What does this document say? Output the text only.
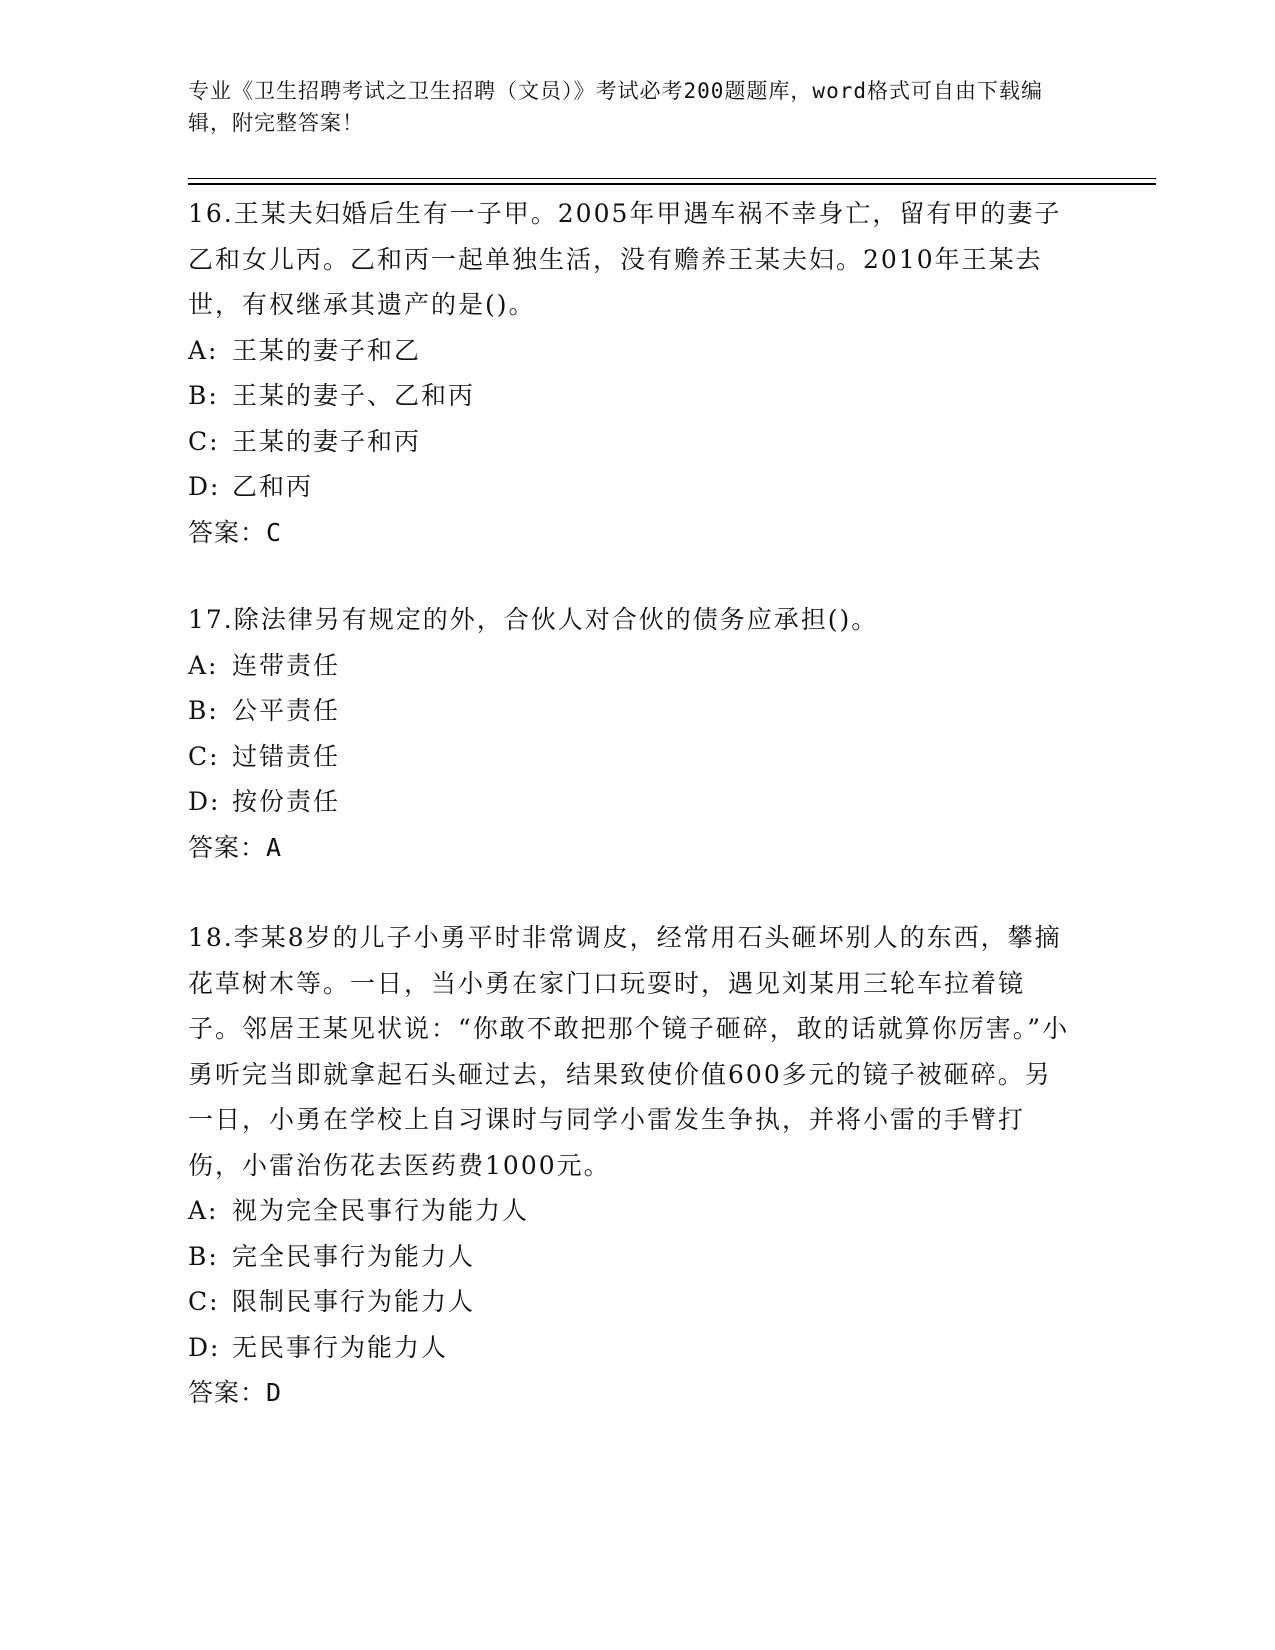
专业《卫生招聘考试之卫生招聘（文员）》考试必考200题题库，word格式可自由下载编辑，附完整答案！
16.王某夫妇婚后生有一子甲。2005年甲遇车祸不幸身亡，留有甲的妻子乙和女儿丙。乙和丙一起单独生活，没有赡养王某夫妇。2010年王某去世，有权继承其遗产的是()。
A: 王某的妻子和乙
B: 王某的妻子、乙和丙
C: 王某的妻子和丙
D: 乙和丙
答案：C
17.除法律另有规定的外，合伙人对合伙的债务应承担()。
A: 连带责任
B: 公平责任
C: 过错责任
D: 按份责任
答案：A
18.李某8岁的儿子小勇平时非常调皮，经常用石头砸坏别人的东西，攀摘花草树木等。一日，当小勇在家门口玩耍时，遇见刘某用三轮车拉着镜子。邻居王某见状说：“你敢不敢把那个镜子砸碎，敢的话就算你厉害。”小勇听完当即就拿起石头砸过去，结果致使价值600多元的镜子被砸碎。另一日，小勇在学校上自习课时与同学小雷发生争执，并将小雷的手臂打伤，小雷治伤花去医药费1000元。
A: 视为完全民事行为能力人
B: 完全民事行为能力人
C: 限制民事行为能力人
D: 无民事行为能力人
答案：D
